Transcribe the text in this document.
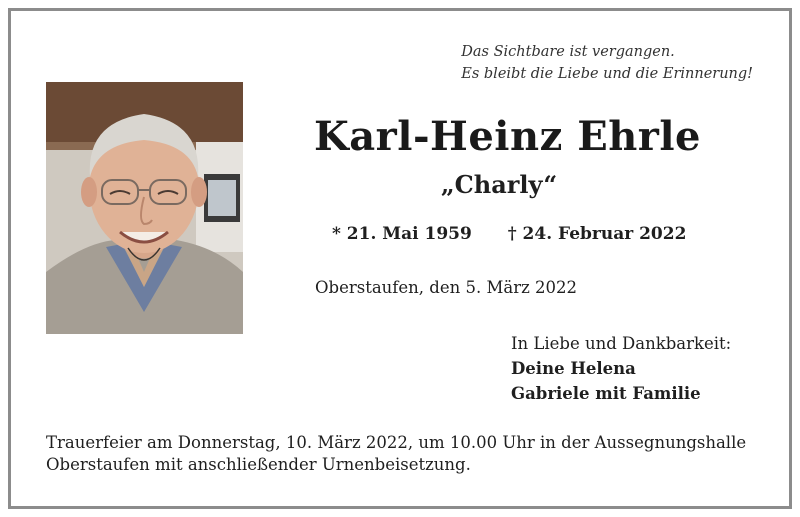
Das Sichtbare ist vergangen.
Es bleibt die Liebe und die Erinnerung!
Karl-Heinz Ehrle
„Charly“
* 21. Mai 1959 † 24. Februar 2022
Oberstaufen, den 5. März 2022
In Liebe und Dankbarkeit:
Deine Helena
Gabriele mit Familie
Trauerfeier am Donnerstag, 10. März 2022, um 10.00 Uhr in der Aussegnungshalle
Oberstaufen mit anschließender Urnenbeisetzung.
